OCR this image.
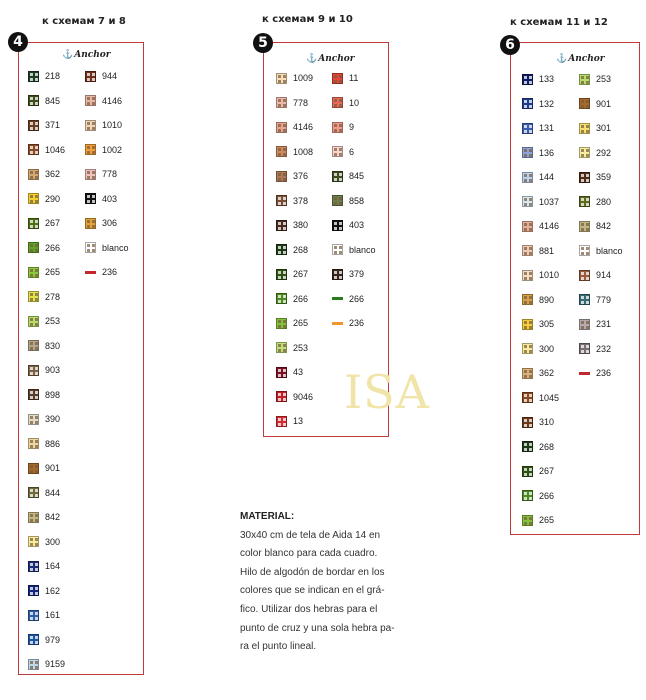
к схемам 7 и 8	к схемам 9 и 10	к схемам 11 и 12
4
⚓Anchor
218
845
371
1046
362
290
267
266
265
278
253
830
903
898
390
886
901
844
842
300
164
162
161
979
9159
944
4146
1010
1002
778
403
306
blanco
236
5
⚓Anchor
1009
778
4146
1008
376
378
380
268
267
266
265
253
43
9046
13
11
10
9
6
845
858
403
blanco
379
266
236
6
⚓Anchor
133
132
131
136
144
1037
4146
881
1010
890
305
300
362
1045
310
268
267
266
265
253
901
301
292
359
280
842
blanco
914
779
231
232
236
ISA
MATERIAL:
30x40 cm de tela de Aida 14 en
color blanco para cada cuadro.
Hilo de algodón de bordar en los
colores que se indican en el grá-
fico. Utilizar dos hebras para el
punto de cruz y una sola hebra pa-
ra el punto lineal.
